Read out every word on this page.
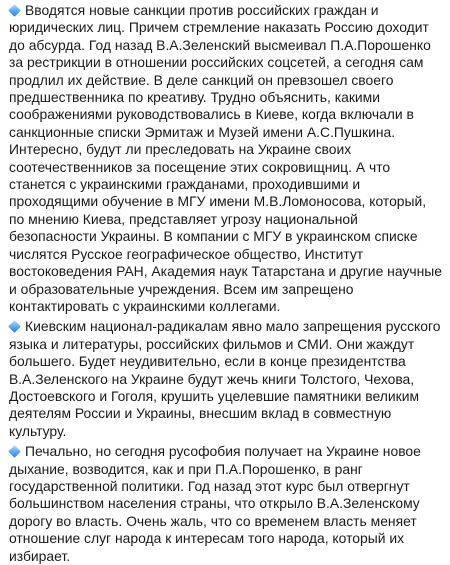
Вводятся новые санкции против российских граждан и юридических лиц. Причем стремление наказать Россию доходит до абсурда. Год назад В.А.Зеленский высмеивал П.А.Порошенко за рестрикции в отношении российских соцсетей, а сегодня сам продлил их действие. В деле санкций он превзошел своего предшественника по креативу. Трудно объяснить, какими соображениями руководствовались в Киеве, когда включали в санкционные списки Эрмитаж и Музей имени А.С.Пушкина. Интересно, будут ли преследовать на Украине своих соотечественников за посещение этих сокровищниц. А что станется с украинскими гражданами, проходившими и проходящими обучение в МГУ имени М.В.Ломоносова, который, по мнению Киева, представляет угрозу национальной безопасности Украины. В компании с МГУ в украинском списке числятся Русское географическое общество, Институт востоковедения РАН, Академия наук Татарстана и другие научные и образовательные учреждения. Всем им запрещено контактировать с украинскими коллегами.

Киевским национал-радикалам явно мало запрещения русского языка и литературы, российских фильмов и СМИ. Они жаждут большего. Будет неудивительно, если в конце президентства В.А.Зеленского на Украине будут жечь книги Толстого, Чехова, Достоевского и Гоголя, крушить уцелевшие памятники великим деятелям России и Украины, внесшим вклад в совместную культуру.

Печально, но сегодня русофобия получает на Украине новое дыхание, возводится, как и при П.А.Порошенко, в ранг государственной политики. Год назад этот курс был отвергнут большинством населения страны, что открыло В.А.Зеленскому дорогу во власть. Очень жаль, что со временем власть меняет отношение слуг народа к интересам того народа, который их избирает.
